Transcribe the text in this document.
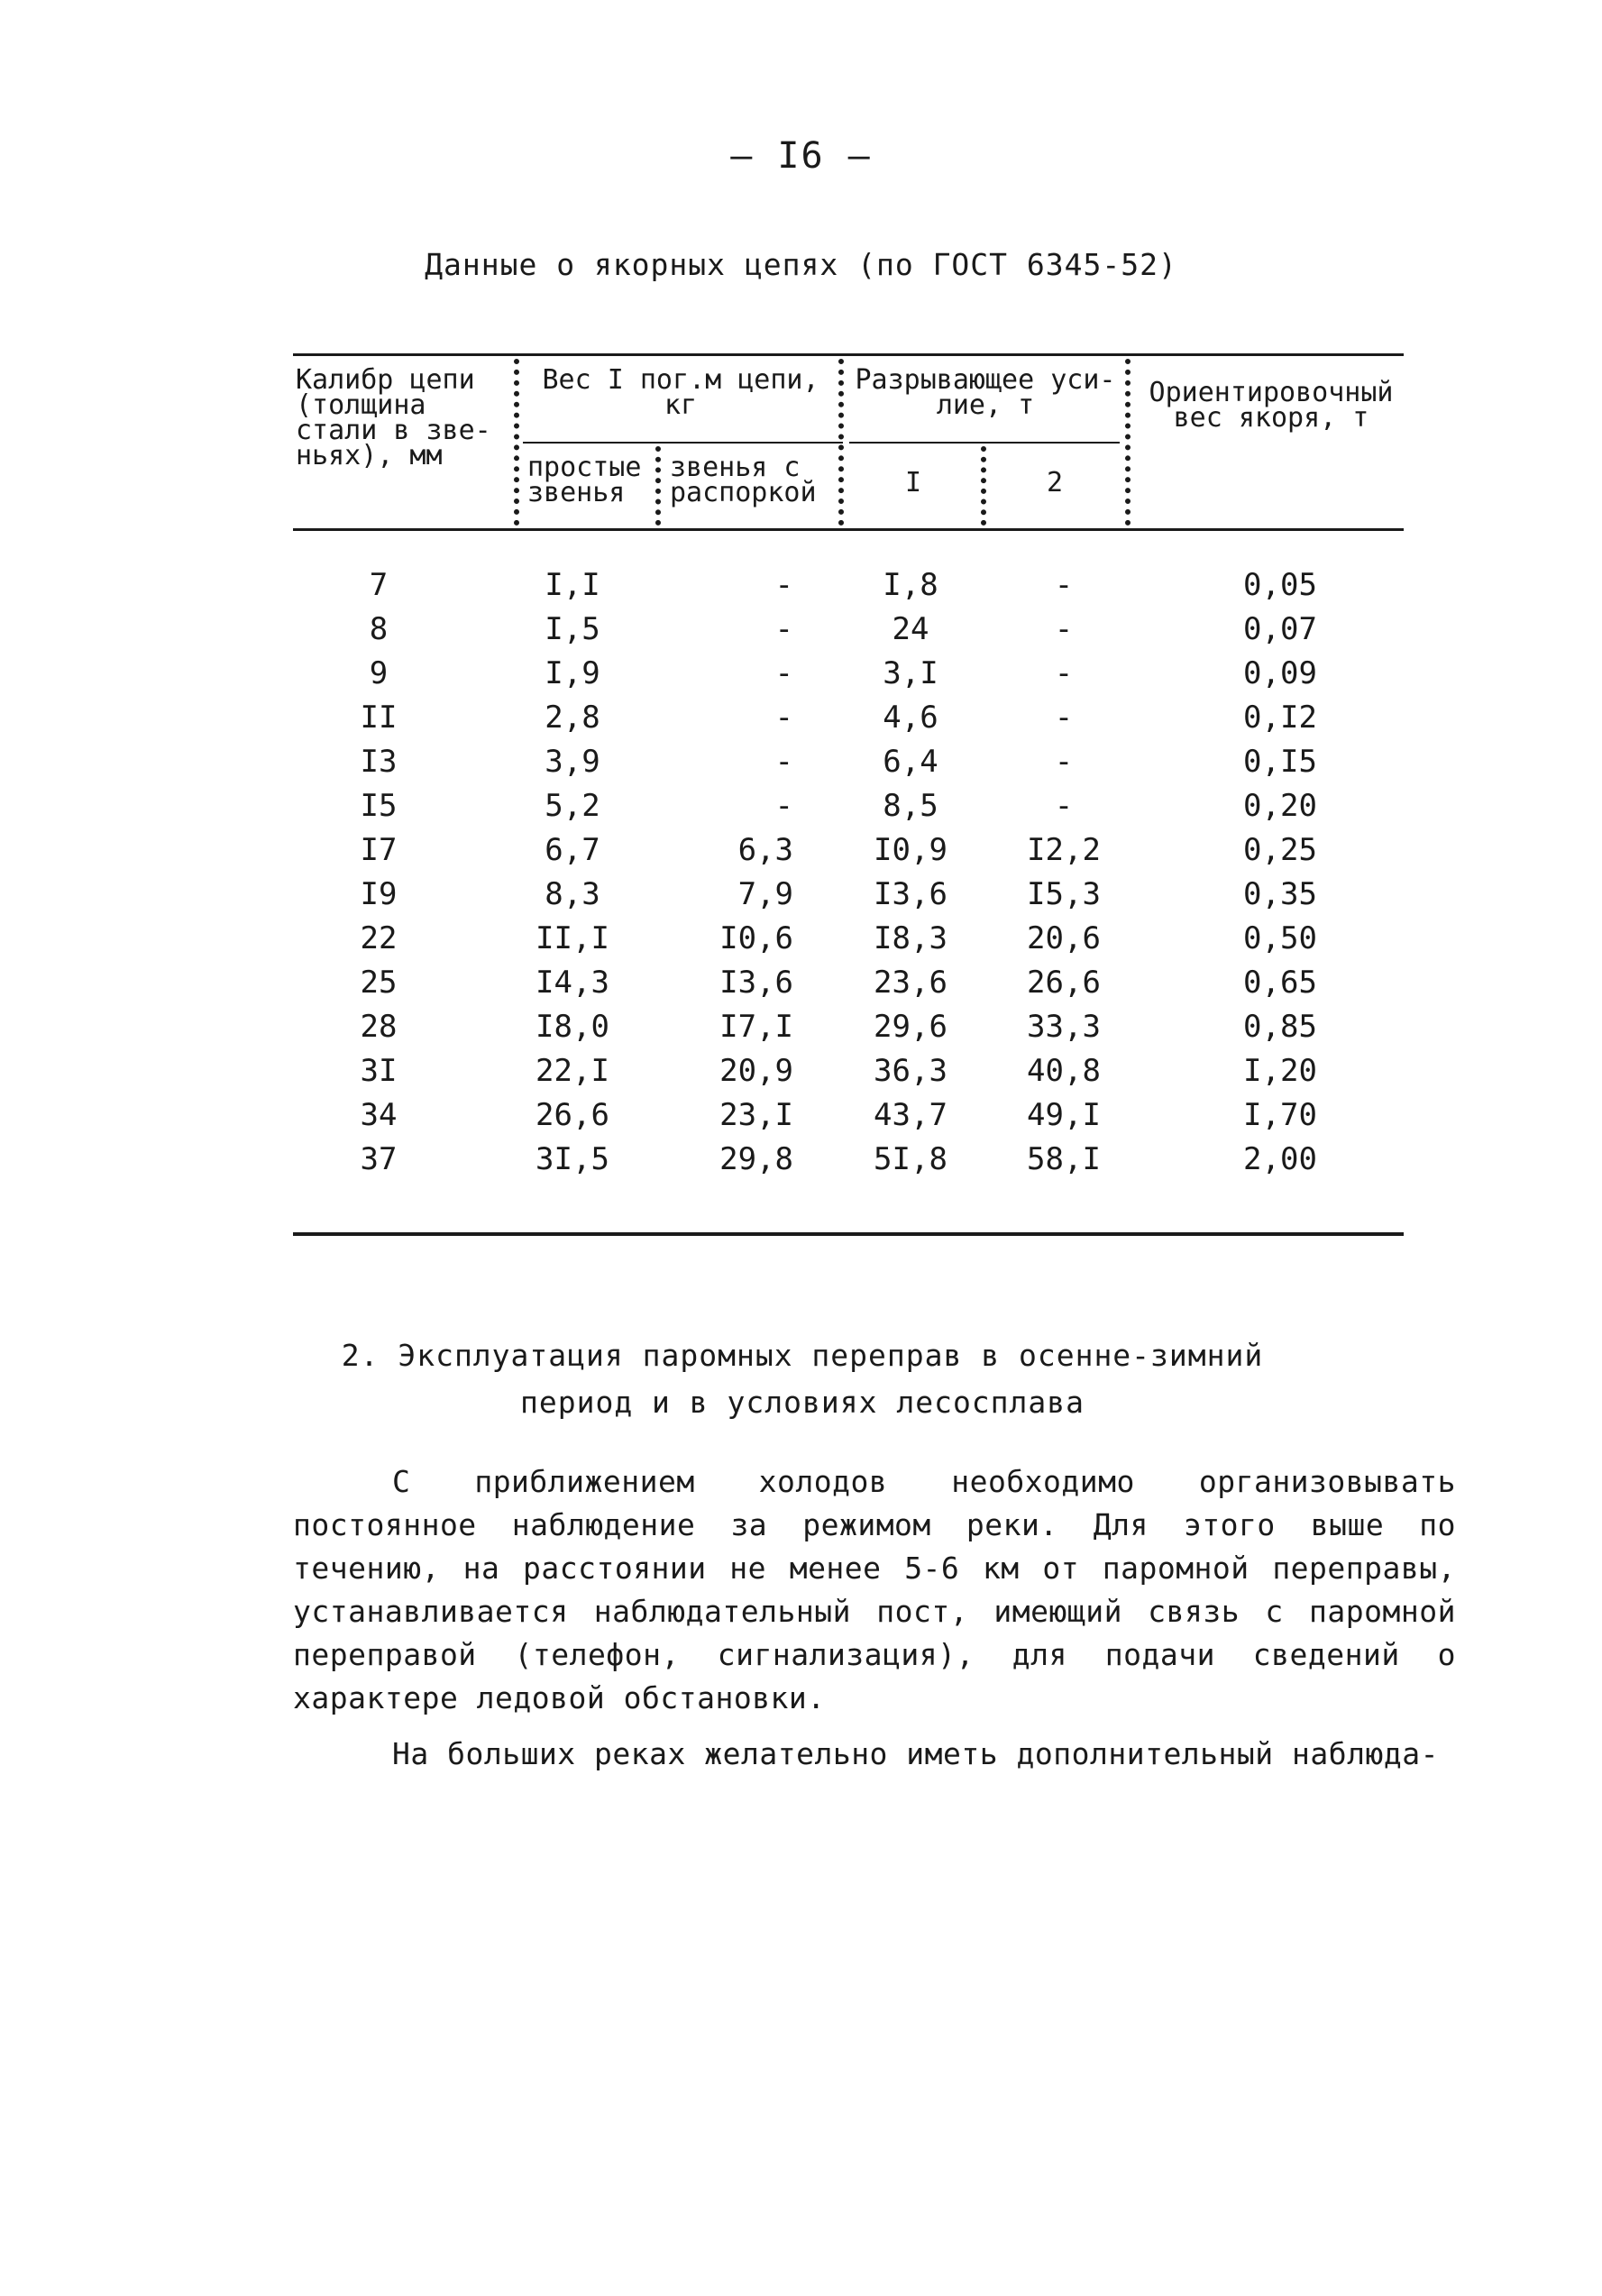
— I6 —
Данные о якорных цепях (по ГОСТ 6345-52)
Калибр цепи
(толщина
стали в зве-
ньях), мм
Вес I пог.м цепи,
кг
простые
звенья
звенья с
распоркой
Разрывающее уси-
лие, т
I	2
Ориентировочный
вес якоря, т
7	I,I	-	I,8	-	0,05
8	I,5	-	24	-	0,07
9	I,9	-	3,I	-	0,09
II	2,8	-	4,6	-	0,I2
I3	3,9	-	6,4	-	0,I5
I5	5,2	-	8,5	-	0,20
I7	6,7	6,3	I0,9	I2,2	0,25
I9	8,3	7,9	I3,6	I5,3	0,35
22	II,I	I0,6	I8,3	20,6	0,50
25	I4,3	I3,6	23,6	26,6	0,65
28	I8,0	I7,I	29,6	33,3	0,85
3I	22,I	20,9	36,3	40,8	I,20
34	26,6	23,I	43,7	49,I	I,70
37	3I,5	29,8	5I,8	58,I	2,00
2. Эксплуатация паромных переправ в осенне-зимний
период и в условиях лесосплава
С приближением холодов необходимо организовывать постоянное наблюдение за режимом реки. Для этого выше по течению, на расстоянии не менее 5-6 км от паромной переправы, устанавливается наблюдательный пост, имеющий связь с паромной переправой (телефон, сигнализация), для подачи сведений о характере ледовой обстановки.
На больших реках желательно иметь дополнительный наблюда-
